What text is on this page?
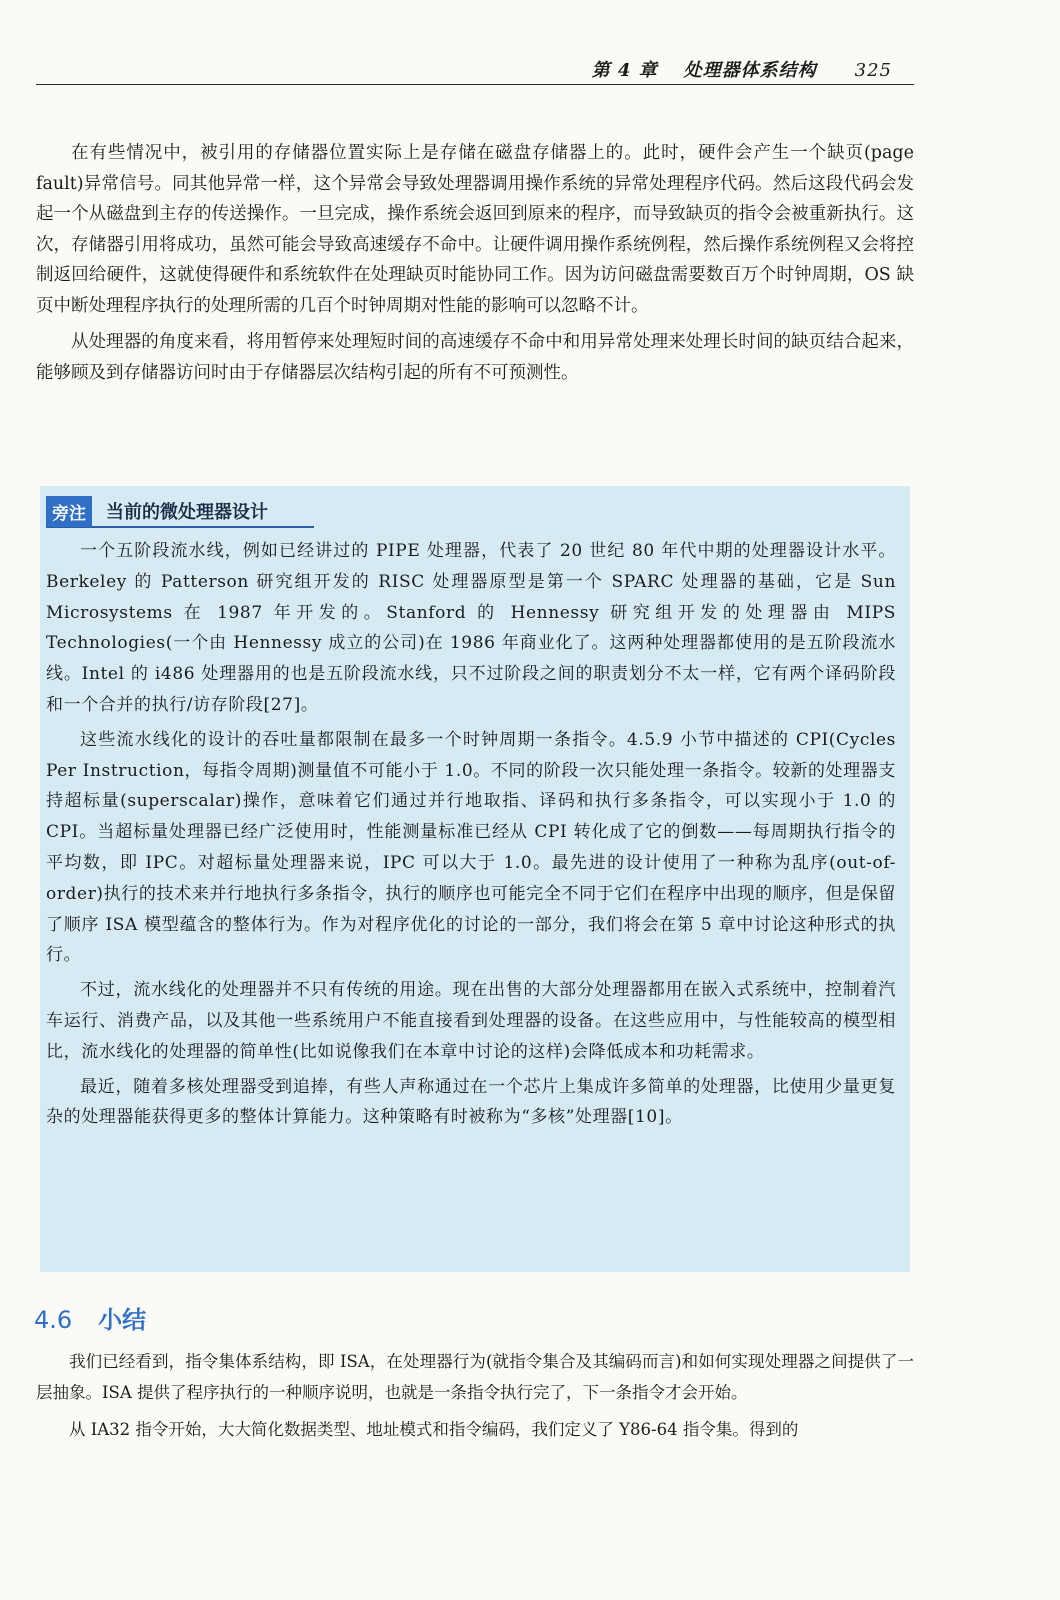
第 4 章 处理器体系结构 325

在有些情况中，被引用的存储器位置实际上是存储在磁盘存储器上的。此时，硬件会产生一个缺页(page fault)异常信号。同其他异常一样，这个异常会导致处理器调用操作系统的异常处理程序代码。然后这段代码会发起一个从磁盘到主存的传送操作。一旦完成，操作系统会返回到原来的程序，而导致缺页的指令会被重新执行。这次，存储器引用将成功，虽然可能会导致高速缓存不命中。让硬件调用操作系统例程，然后操作系统例程又会将控制返回给硬件，这就使得硬件和系统软件在处理缺页时能协同工作。因为访问磁盘需要数百万个时钟周期，OS 缺页中断处理程序执行的处理所需的几百个时钟周期对性能的影响可以忽略不计。

从处理器的角度来看，将用暂停来处理短时间的高速缓存不命中和用异常处理来处理长时间的缺页结合起来，能够顾及到存储器访问时由于存储器层次结构引起的所有不可预测性。

旁注	当前的微处理器设计

一个五阶段流水线，例如已经讲过的 PIPE 处理器，代表了 20 世纪 80 年代中期的处理器设计水平。Berkeley 的 Patterson 研究组开发的 RISC 处理器原型是第一个 SPARC 处理器的基础，它是 Sun Microsystems 在 1987 年开发的。Stanford 的 Hennessy 研究组开发的处理器由 MIPS Technologies(一个由 Hennessy 成立的公司)在 1986 年商业化了。这两种处理器都使用的是五阶段流水线。Intel 的 i486 处理器用的也是五阶段流水线，只不过阶段之间的职责划分不太一样，它有两个译码阶段和一个合并的执行/访存阶段[27]。

这些流水线化的设计的吞吐量都限制在最多一个时钟周期一条指令。4.5.9 小节中描述的 CPI(Cycles Per Instruction，每指令周期)测量值不可能小于 1.0。不同的阶段一次只能处理一条指令。较新的处理器支持超标量(superscalar)操作，意味着它们通过并行地取指、译码和执行多条指令，可以实现小于 1.0 的 CPI。当超标量处理器已经广泛使用时，性能测量标准已经从 CPI 转化成了它的倒数——每周期执行指令的平均数，即 IPC。对超标量处理器来说，IPC 可以大于 1.0。最先进的设计使用了一种称为乱序(out-of-order)执行的技术来并行地执行多条指令，执行的顺序也可能完全不同于它们在程序中出现的顺序，但是保留了顺序 ISA 模型蕴含的整体行为。作为对程序优化的讨论的一部分，我们将会在第 5 章中讨论这种形式的执行。

不过，流水线化的处理器并不只有传统的用途。现在出售的大部分处理器都用在嵌入式系统中，控制着汽车运行、消费产品，以及其他一些系统用户不能直接看到处理器的设备。在这些应用中，与性能较高的模型相比，流水线化的处理器的简单性(比如说像我们在本章中讨论的这样)会降低成本和功耗需求。

最近，随着多核处理器受到追捧，有些人声称通过在一个芯片上集成许多简单的处理器，比使用少量更复杂的处理器能获得更多的整体计算能力。这种策略有时被称为“多核”处理器[10]。

4.6 小结

我们已经看到，指令集体系结构，即 ISA，在处理器行为(就指令集合及其编码而言)和如何实现处理器之间提供了一层抽象。ISA 提供了程序执行的一种顺序说明，也就是一条指令执行完了，下一条指令才会开始。

从 IA32 指令开始，大大简化数据类型、地址模式和指令编码，我们定义了 Y86-64 指令集。得到的
